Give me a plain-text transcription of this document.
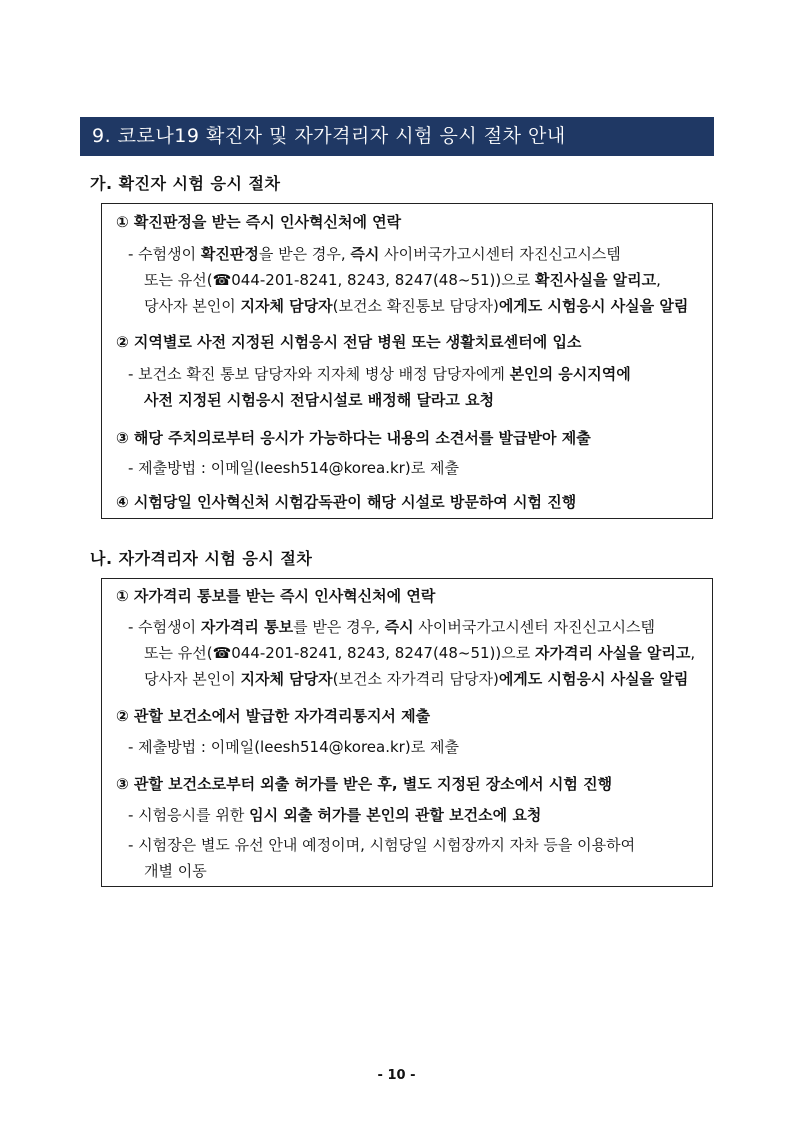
9. 코로나19 확진자 및 자가격리자 시험 응시 절차 안내
가. 확진자 시험 응시 절차
① 확진판정을 받는 즉시 인사혁신처에 연락
- 수험생이 확진판정을 받은 경우, 즉시 사이버국가고시센터 자진신고시스템
또는 유선(☎044-201-8241, 8243, 8247(48~51))으로 확진사실을 알리고,
당사자 본인이 지자체 담당자(보건소 확진통보 담당자)에게도 시험응시 사실을 알림
② 지역별로 사전 지정된 시험응시 전담 병원 또는 생활치료센터에 입소
- 보건소 확진 통보 담당자와 지자체 병상 배정 담당자에게 본인의 응시지역에
사전 지정된 시험응시 전담시설로 배정해 달라고 요청
③ 해당 주치의로부터 응시가 가능하다는 내용의 소견서를 발급받아 제출
- 제출방법 : 이메일(leesh514@korea.kr)로 제출
④ 시험당일 인사혁신처 시험감독관이 해당 시설로 방문하여 시험 진행
나. 자가격리자 시험 응시 절차
① 자가격리 통보를 받는 즉시 인사혁신처에 연락
- 수험생이 자가격리 통보를 받은 경우, 즉시 사이버국가고시센터 자진신고시스템
또는 유선(☎044-201-8241, 8243, 8247(48~51))으로 자가격리 사실을 알리고,
당사자 본인이 지자체 담당자(보건소 자가격리 담당자)에게도 시험응시 사실을 알림
② 관할 보건소에서 발급한 자가격리통지서 제출
- 제출방법 : 이메일(leesh514@korea.kr)로 제출
③ 관할 보건소로부터 외출 허가를 받은 후, 별도 지정된 장소에서 시험 진행
- 시험응시를 위한 임시 외출 허가를 본인의 관할 보건소에 요청
- 시험장은 별도 유선 안내 예정이며, 시험당일 시험장까지 자차 등을 이용하여
개별 이동
- 10 -
